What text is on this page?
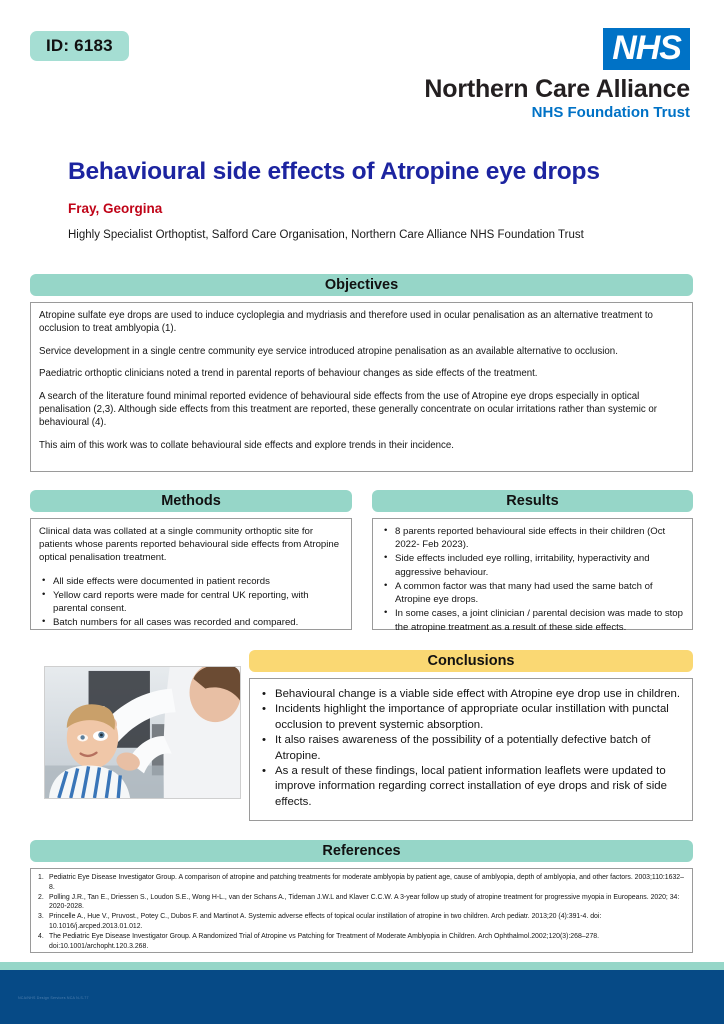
ID: 6183	NHS
Northern Care Alliance
NHS Foundation Trust
Behavioural side effects of Atropine eye drops
Fray, Georgina
Highly Specialist Orthoptist, Salford Care Organisation, Northern Care Alliance NHS Foundation Trust
Objectives

Atropine sulfate eye drops are used to induce cycloplegia and mydriasis and therefore used in ocular penalisation as an alternative treatment to occlusion to treat amblyopia (1).

Service development in a single centre community eye service introduced atropine penalisation as an available alternative to occlusion.

Paediatric orthoptic clinicians noted a trend in parental reports of behaviour changes as side effects of the treatment.

A search of the literature found minimal reported evidence of behavioural side effects from the use of Atropine eye drops especially in optical penalisation (2,3). Although side effects from this treatment are reported, these generally concentrate on ocular irritations rather than systemic or behavioural (4).

This aim of this work was to collate behavioural side effects and explore trends in their incidence.

Methods

Clinical data was collated at a single community orthoptic site for patients whose parents reported behavioural side effects from Atropine optical penalisation treatment.

• All side effects were documented in patient records
• Yellow card reports were made for central UK reporting, with parental consent.
• Batch numbers for all cases was recorded and compared.
Results
• 8 parents reported behavioural side effects in their children (Oct 2022- Feb 2023).
• Side effects included eye rolling, irritability, hyperactivity and aggressive behaviour.
• A common factor was that many had used the same batch of Atropine eye drops.
• In some cases, a joint clinician / parental decision was made to stop the atropine treatment as a result of these side effects.
Conclusions
• Behavioural change is a viable side effect with Atropine eye drop use in children.
• Incidents highlight the importance of appropriate ocular instillation with punctal occlusion to prevent systemic absorption.
• It also raises awareness of the possibility of a potentially defective batch of Atropine.
• As a result of these findings, local patient information leaflets were updated to improve information regarding correct installation of eye drops and risk of side effects.
References
Pediatric Eye Disease Investigator Group. A comparison of atropine and patching treatments for moderate amblyopia by patient age, cause of amblyopia, depth of amblyopia, and other factors. 2003;110:1632–8.
Polling J.R., Tan E., Driessen S., Loudon S.E., Wong H-L., van der Schans A., Tideman J.W.L and Klaver C.C.W. A 3-year follow up study of atropine treatment for progressive myopia in Europeans. 2020; 34: 2020-2028.
Princelle A., Hue V., Pruvost., Potey C., Dubos F. and Martinot A. Systemic adverse effects of topical ocular instillation of atropine in two children. Arch pediatr. 2013;20 (4):391-4. doi: 10.1016/j.arcped.2013.01.012.
The Pediatric Eye Disease Investigator Group. A Randomized Trial of Atropine vs Patching for Treatment of Moderate Amblyopia in Children. Arch Ophthalmol.2002;120(3):268–278. doi:10.1001/archopht.120.3.268.
NCA/NHS Design Services NCA N-S-77
